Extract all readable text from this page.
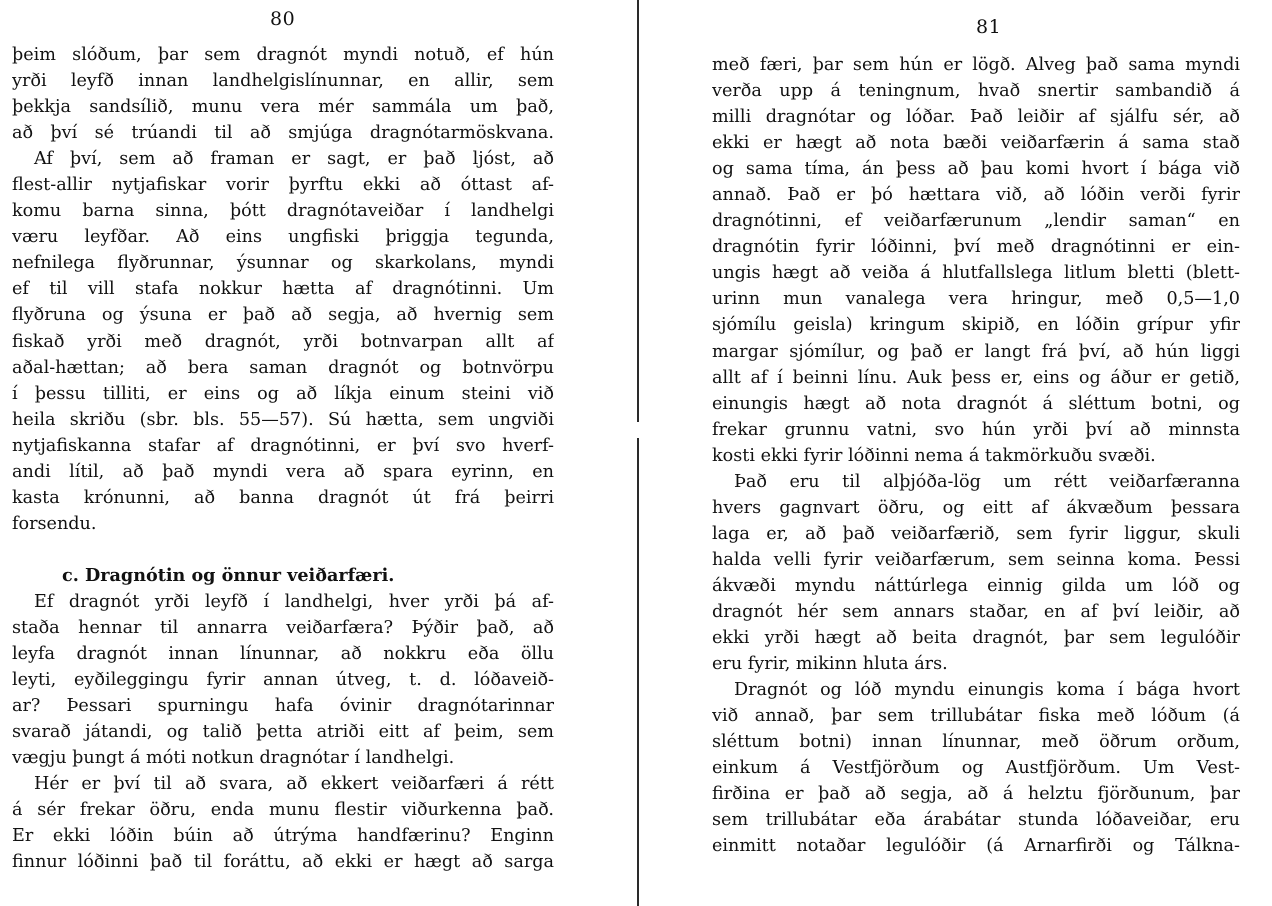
80
þeim slóðum, þar sem dragnót myndi notuð, ef hún
yrði leyfð innan landhelgislínunnar, en allir, sem
þekkja sandsílið, munu vera mér sammála um það,
að því sé trúandi til að smjúga dragnótarmöskvana.
Af því, sem að framan er sagt, er það ljóst, að
flest-allir nytjafiskar vorir þyrftu ekki að óttast af-
komu barna sinna, þótt dragnótaveiðar í landhelgi
væru leyfðar. Að eins ungfiski þriggja tegunda,
nefnilega flyðrunnar, ýsunnar og skarkolans, myndi
ef til vill stafa nokkur hætta af dragnótinni. Um
flyðruna og ýsuna er það að segja, að hvernig sem
fiskað yrði með dragnót, yrði botnvarpan allt af
aðal-hættan; að bera saman dragnót og botnvörpu
í þessu tilliti, er eins og að líkja einum steini við
heila skriðu (sbr. bls. 55—57). Sú hætta, sem ungviði
nytjafiskanna stafar af dragnótinni, er því svo hverf-
andi lítil, að það myndi vera að spara eyrinn, en
kasta krónunni, að banna dragnót út frá þeirri
forsendu.
c. Dragnótin og önnur veiðarfæri.
Ef dragnót yrði leyfð í landhelgi, hver yrði þá af-
staða hennar til annarra veiðarfæra? Þýðir það, að
leyfa dragnót innan línunnar, að nokkru eða öllu
leyti, eyðileggingu fyrir annan útveg, t. d. lóðaveið-
ar? Þessari spurningu hafa óvinir dragnótarinnar
svarað játandi, og talið þetta atriði eitt af þeim, sem
vægju þungt á móti notkun dragnótar í landhelgi.
Hér er því til að svara, að ekkert veiðarfæri á rétt
á sér frekar öðru, enda munu flestir viðurkenna það.
Er ekki lóðin búin að útrýma handfærinu? Enginn
finnur lóðinni það til foráttu, að ekki er hægt að sarga
81
með færi, þar sem hún er lögð. Alveg það sama myndi
verða upp á teningnum, hvað snertir sambandið á
milli dragnótar og lóðar. Það leiðir af sjálfu sér, að
ekki er hægt að nota bæði veiðarfærin á sama stað
og sama tíma, án þess að þau komi hvort í bága við
annað. Það er þó hættara við, að lóðin verði fyrir
dragnótinni, ef veiðarfærunum „lendir saman“ en
dragnótin fyrir lóðinni, því með dragnótinni er ein-
ungis hægt að veiða á hlutfallslega litlum bletti (blett-
urinn mun vanalega vera hringur, með 0,5—1,0
sjómílu geisla) kringum skipið, en lóðin grípur yfir
margar sjómílur, og það er langt frá því, að hún liggi
allt af í beinni línu. Auk þess er, eins og áður er getið,
einungis hægt að nota dragnót á sléttum botni, og
frekar grunnu vatni, svo hún yrði því að minnsta
kosti ekki fyrir lóðinni nema á takmörkuðu svæði.
Það eru til alþjóða-lög um rétt veiðarfæranna
hvers gagnvart öðru, og eitt af ákvæðum þessara
laga er, að það veiðarfærið, sem fyrir liggur, skuli
halda velli fyrir veiðarfærum, sem seinna koma. Þessi
ákvæði myndu náttúrlega einnig gilda um lóð og
dragnót hér sem annars staðar, en af því leiðir, að
ekki yrði hægt að beita dragnót, þar sem legulóðir
eru fyrir, mikinn hluta árs.
Dragnót og lóð myndu einungis koma í bága hvort
við annað, þar sem trillubátar fiska með lóðum (á
sléttum botni) innan línunnar, með öðrum orðum,
einkum á Vestfjörðum og Austfjörðum. Um Vest-
firðina er það að segja, að á helztu fjörðunum, þar
sem trillubátar eða árabátar stunda lóðaveiðar, eru
einmitt notaðar legulóðir (á Arnarfirði og Tálkna-
